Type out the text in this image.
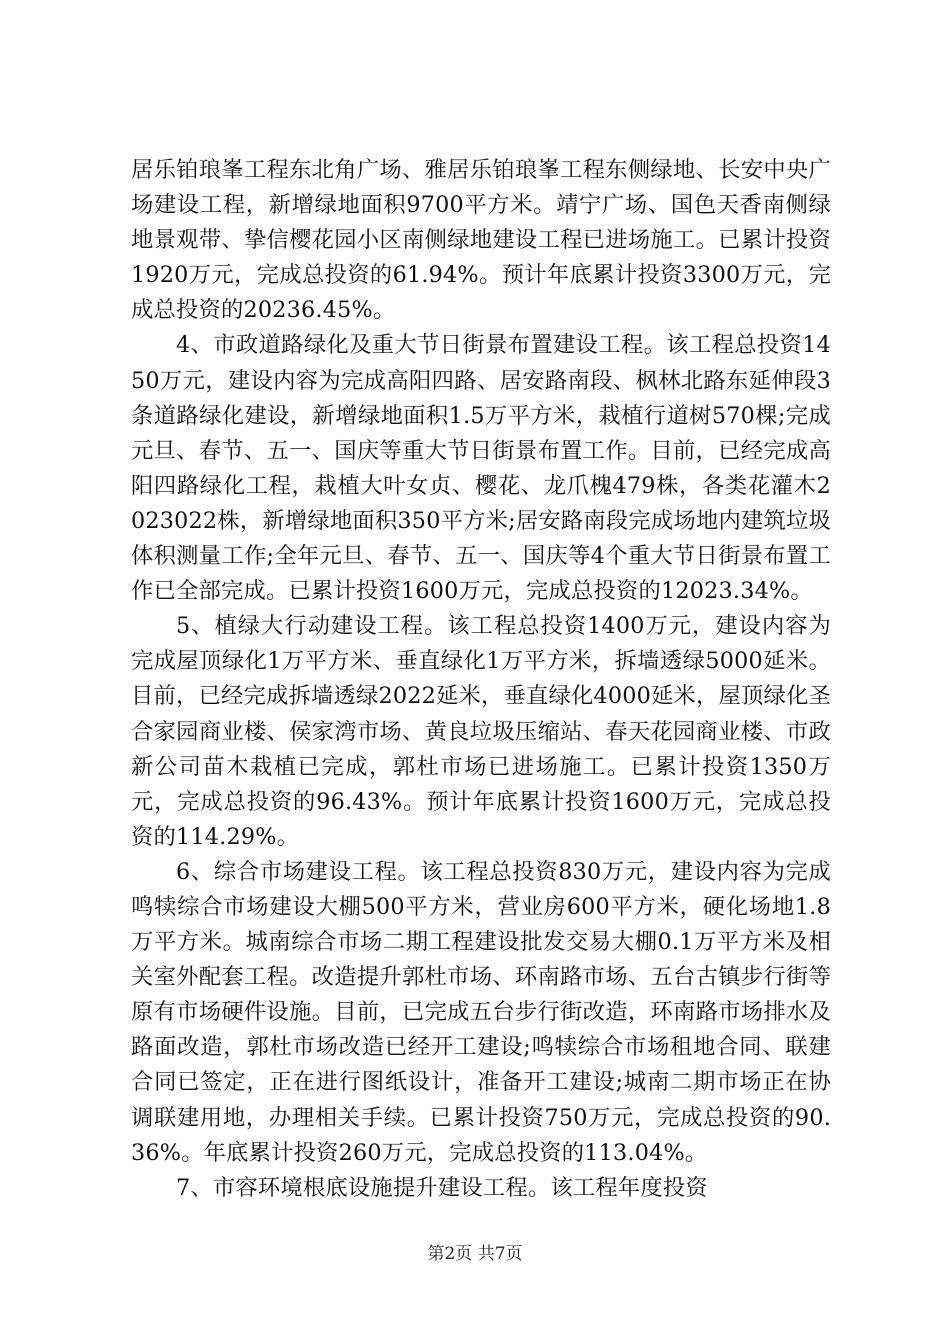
居乐铂琅峯工程东北角广场、雅居乐铂琅峯工程东侧绿地、长安中央广场建设工程，新增绿地面积9700平方米。靖宁广场、国色天香南侧绿地景观带、挚信樱花园小区南侧绿地建设工程已进场施工。已累计投资1920万元，完成总投资的61.94%。预计年底累计投资3300万元，完成总投资的20236.45%。

4、市政道路绿化及重大节日街景布置建设工程。该工程总投资1450万元，建设内容为完成高阳四路、居安路南段、枫林北路东延伸段3条道路绿化建设，新增绿地面积1.5万平方米，栽植行道树570棵;完成元旦、春节、五一、国庆等重大节日街景布置工作。目前，已经完成高阳四路绿化工程，栽植大叶女贞、樱花、龙爪槐479株，各类花灌木2023022株，新增绿地面积350平方米;居安路南段完成场地内建筑垃圾体积测量工作;全年元旦、春节、五一、国庆等4个重大节日街景布置工作已全部完成。已累计投资1600万元，完成总投资的12023.34%。

5、植绿大行动建设工程。该工程总投资1400万元，建设内容为完成屋顶绿化1万平方米、垂直绿化1万平方米，拆墙透绿5000延米。目前，已经完成拆墙透绿2022延米，垂直绿化4000延米，屋顶绿化圣合家园商业楼、侯家湾市场、黄良垃圾压缩站、春天花园商业楼、市政新公司苗木栽植已完成，郭杜市场已进场施工。已累计投资1350万元，完成总投资的96.43%。预计年底累计投资1600万元，完成总投资的114.29%。

6、综合市场建设工程。该工程总投资830万元，建设内容为完成鸣犊综合市场建设大棚500平方米，营业房600平方米，硬化场地1.8万平方米。城南综合市场二期工程建设批发交易大棚0.1万平方米及相关室外配套工程。改造提升郭杜市场、环南路市场、五台古镇步行街等原有市场硬件设施。目前，已完成五台步行街改造，环南路市场排水及路面改造，郭杜市场改造已经开工建设;鸣犊综合市场租地合同、联建合同已签定，正在进行图纸设计，准备开工建设;城南二期市场正在协调联建用地，办理相关手续。已累计投资750万元，完成总投资的90.36%。年底累计投资260万元，完成总投资的113.04%。

7、市容环境根底设施提升建设工程。该工程年度投资

第2页 共7页
